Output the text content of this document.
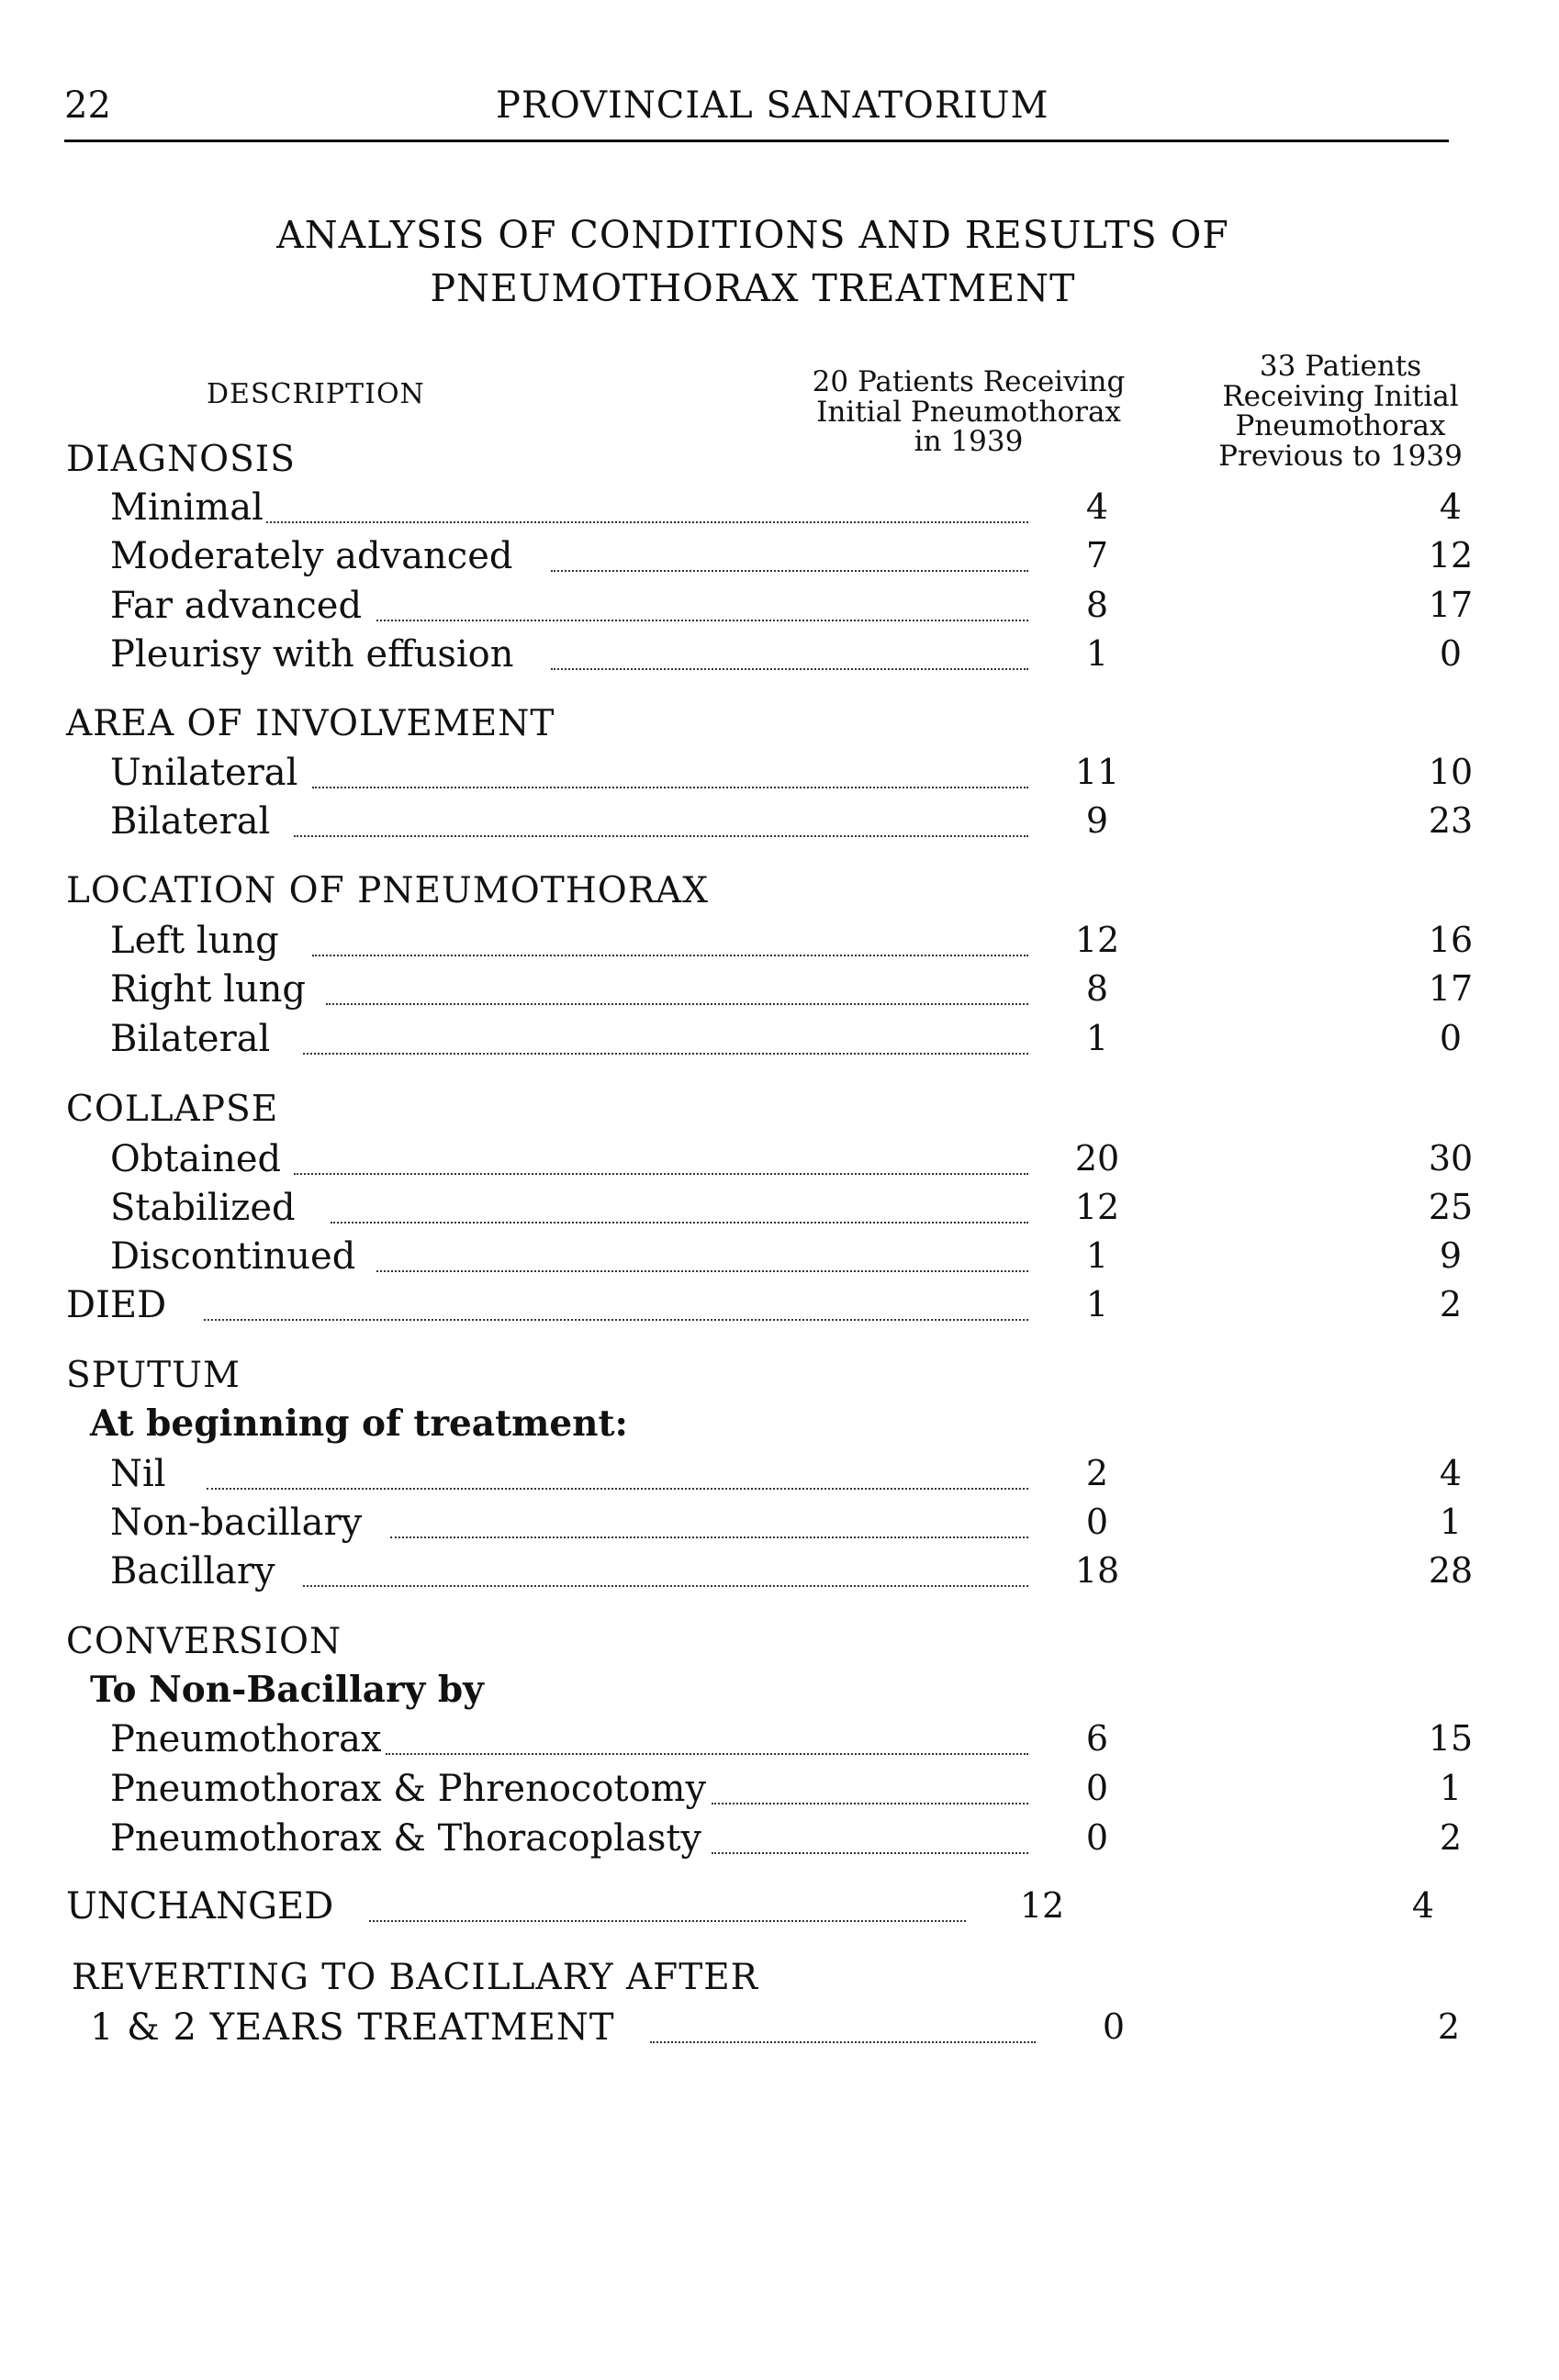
22	PROVINCIAL SANATORIUM
ANALYSIS OF CONDITIONS AND RESULTS OF
PNEUMOTHORAX TREATMENT
DESCRIPTION	20 Patients Receiving
Initial Pneumothorax
in 1939
33 Patients
Receiving Initial
Pneumothorax
Previous to 1939
DIAGNOSIS
Minimal	4	4
Moderately advanced	7	12
Far advanced	8	17
Pleurisy with effusion	1	0
AREA OF INVOLVEMENT
Unilateral	11	10
Bilateral	9	23
LOCATION OF PNEUMOTHORAX
Left lung	12	16
Right lung	8	17
Bilateral	1	0
COLLAPSE
Obtained	20	30
Stabilized	12	25
Discontinued	1	9
DIED	1	2
SPUTUM
At beginning of treatment:
Nil	2	4
Non-bacillary	0	1
Bacillary	18	28
CONVERSION
To Non-Bacillary by
Pneumothorax	6	15
Pneumothorax & Phrenocotomy	0	1
Pneumothorax & Thoracoplasty	0	2
UNCHANGED	12	4
REVERTING TO BACILLARY AFTER
1 & 2 YEARS TREATMENT	0	2
